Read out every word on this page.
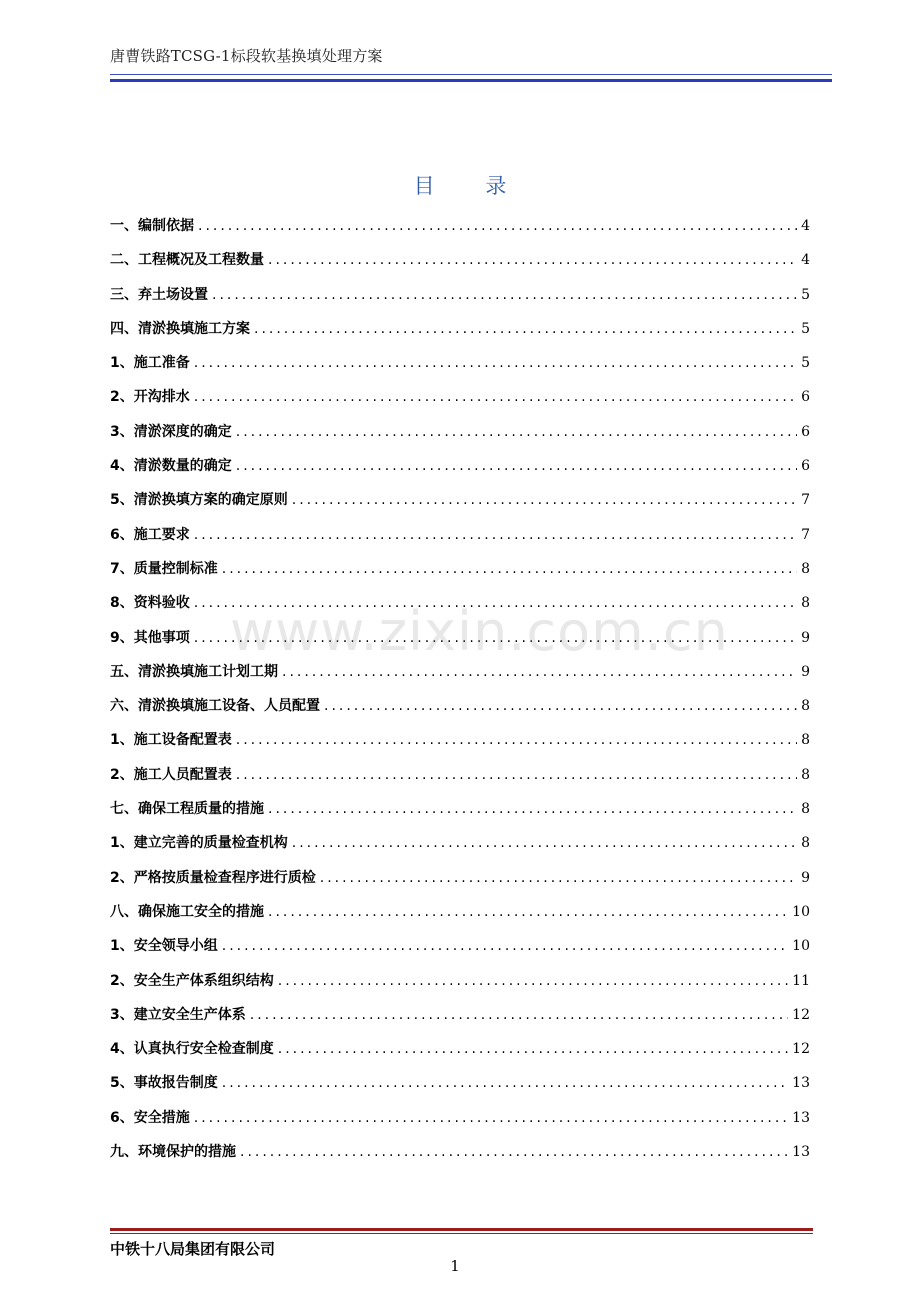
唐曹铁路TCSG-1标段软基换填处理方案
目 录
一、编制依据 .....	4
二、工程概况及工程数量 .....	4
三、弃土场设置 .....	5
四、清淤换填施工方案 .....	5
1、施工准备 .....	5
2、开沟排水 .....	6
3、清淤深度的确定 .....	6
4、清淤数量的确定 .....	6
5、清淤换填方案的确定原则 .....	7
6、施工要求 .....	7
7、质量控制标准 .....	8
8、资料验收 .....	8
9、其他事项 .....	9
五、清淤换填施工计划工期 .....	9
六、清淤换填施工设备、人员配置 .....	8
1、施工设备配置表 .....	8
2、施工人员配置表 .....	8
七、确保工程质量的措施 .....	8
1、建立完善的质量检查机构 .....	8
2、严格按质量检查程序进行质检 .....	9
八、确保施工安全的措施 .....	10
1、安全领导小组 .....	10
2、安全生产体系组织结构 .....	11
3、建立安全生产体系 .....	12
4、认真执行安全检查制度 .....	12
5、事故报告制度 .....	13
6、安全措施 .....	13
九、环境保护的措施 .....	13
www.zixin.com.cn
中铁十八局集团有限公司
1
